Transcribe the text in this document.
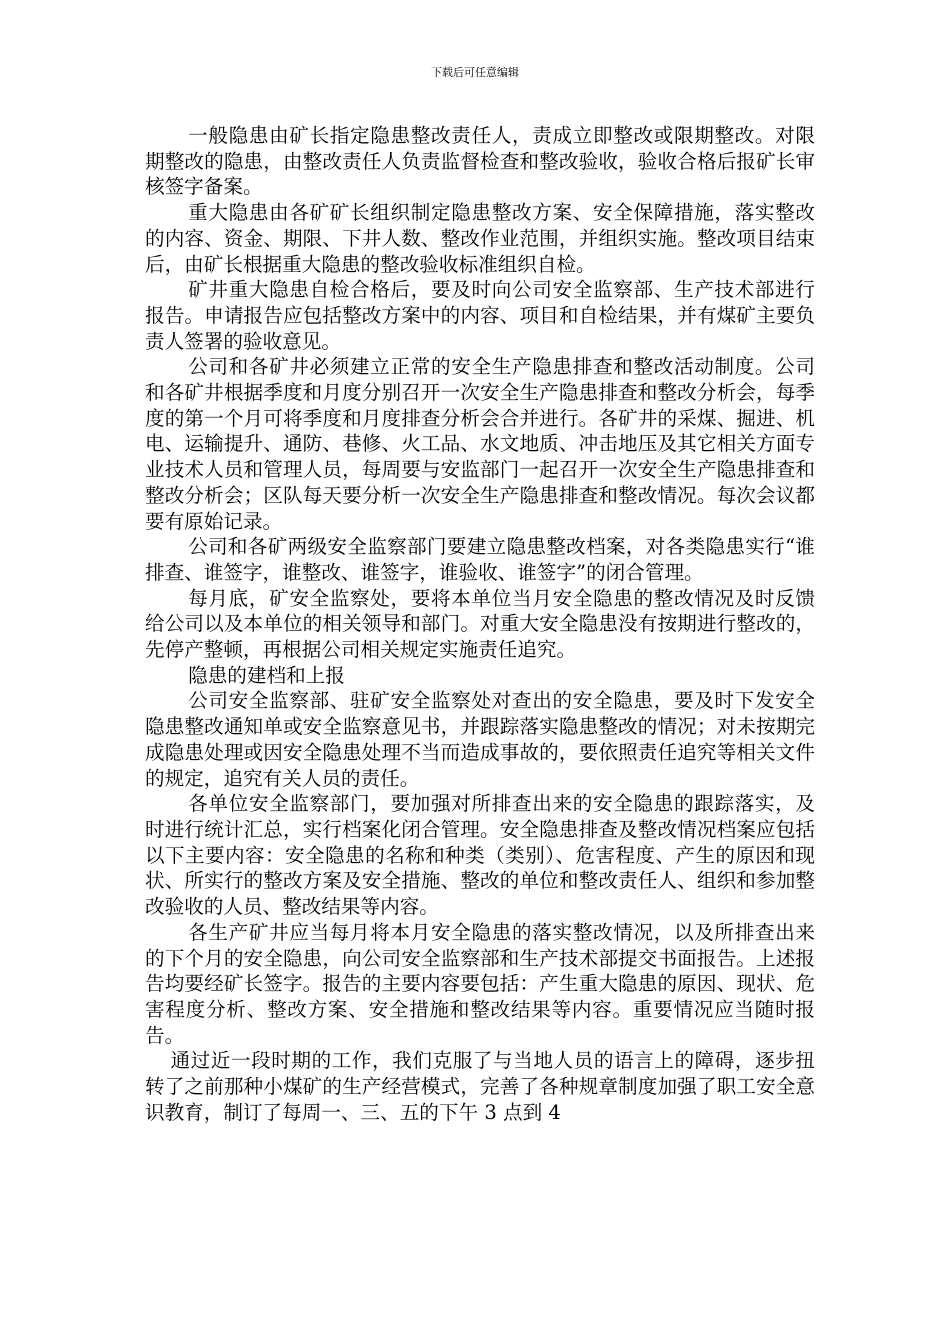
下载后可任意编辑

一般隐患由矿长指定隐患整改责任人，责成立即整改或限期整改。对限期整改的隐患，由整改责任人负责监督检查和整改验收，验收合格后报矿长审核签字备案。

重大隐患由各矿矿长组织制定隐患整改方案、安全保障措施，落实整改的内容、资金、期限、下井人数、整改作业范围，并组织实施。整改项目结束后，由矿长根据重大隐患的整改验收标准组织自检。

矿井重大隐患自检合格后，要及时向公司安全监察部、生产技术部进行报告。申请报告应包括整改方案中的内容、项目和自检结果，并有煤矿主要负责人签署的验收意见。

公司和各矿井必须建立正常的安全生产隐患排查和整改活动制度。公司和各矿井根据季度和月度分别召开一次安全生产隐患排查和整改分析会，每季度的第一个月可将季度和月度排查分析会合并进行。各矿井的采煤、掘进、机电、运输提升、通防、巷修、火工品、水文地质、冲击地压及其它相关方面专业技术人员和管理人员，每周要与安监部门一起召开一次安全生产隐患排查和整改分析会；区队每天要分析一次安全生产隐患排查和整改情况。每次会议都要有原始记录。

公司和各矿两级安全监察部门要建立隐患整改档案，对各类隐患实行“谁排查、谁签字，谁整改、谁签字，谁验收、谁签字”的闭合管理。

每月底，矿安全监察处，要将本单位当月安全隐患的整改情况及时反馈给公司以及本单位的相关领导和部门。对重大安全隐患没有按期进行整改的，先停产整顿，再根据公司相关规定实施责任追究。

隐患的建档和上报

公司安全监察部、驻矿安全监察处对查出的安全隐患，要及时下发安全隐患整改通知单或安全监察意见书，并跟踪落实隐患整改的情况；对未按期完成隐患处理或因安全隐患处理不当而造成事故的，要依照责任追究等相关文件的规定，追究有关人员的责任。

各单位安全监察部门，要加强对所排查出来的安全隐患的跟踪落实，及时进行统计汇总，实行档案化闭合管理。安全隐患排查及整改情况档案应包括以下主要内容：安全隐患的名称和种类（类别）、危害程度、产生的原因和现状、所实行的整改方案及安全措施、整改的单位和整改责任人、组织和参加整改验收的人员、整改结果等内容。

各生产矿井应当每月将本月安全隐患的落实整改情况，以及所排查出来的下个月的安全隐患，向公司安全监察部和生产技术部提交书面报告。上述报告均要经矿长签字。报告的主要内容要包括：产生重大隐患的原因、现状、危害程度分析、整改方案、安全措施和整改结果等内容。重要情况应当随时报告。

通过近一段时期的工作，我们克服了与当地人员的语言上的障碍，逐步扭转了之前那种小煤矿的生产经营模式，完善了各种规章制度加强了职工安全意识教育，制订了每周一、三、五的下午 3 点到 4
